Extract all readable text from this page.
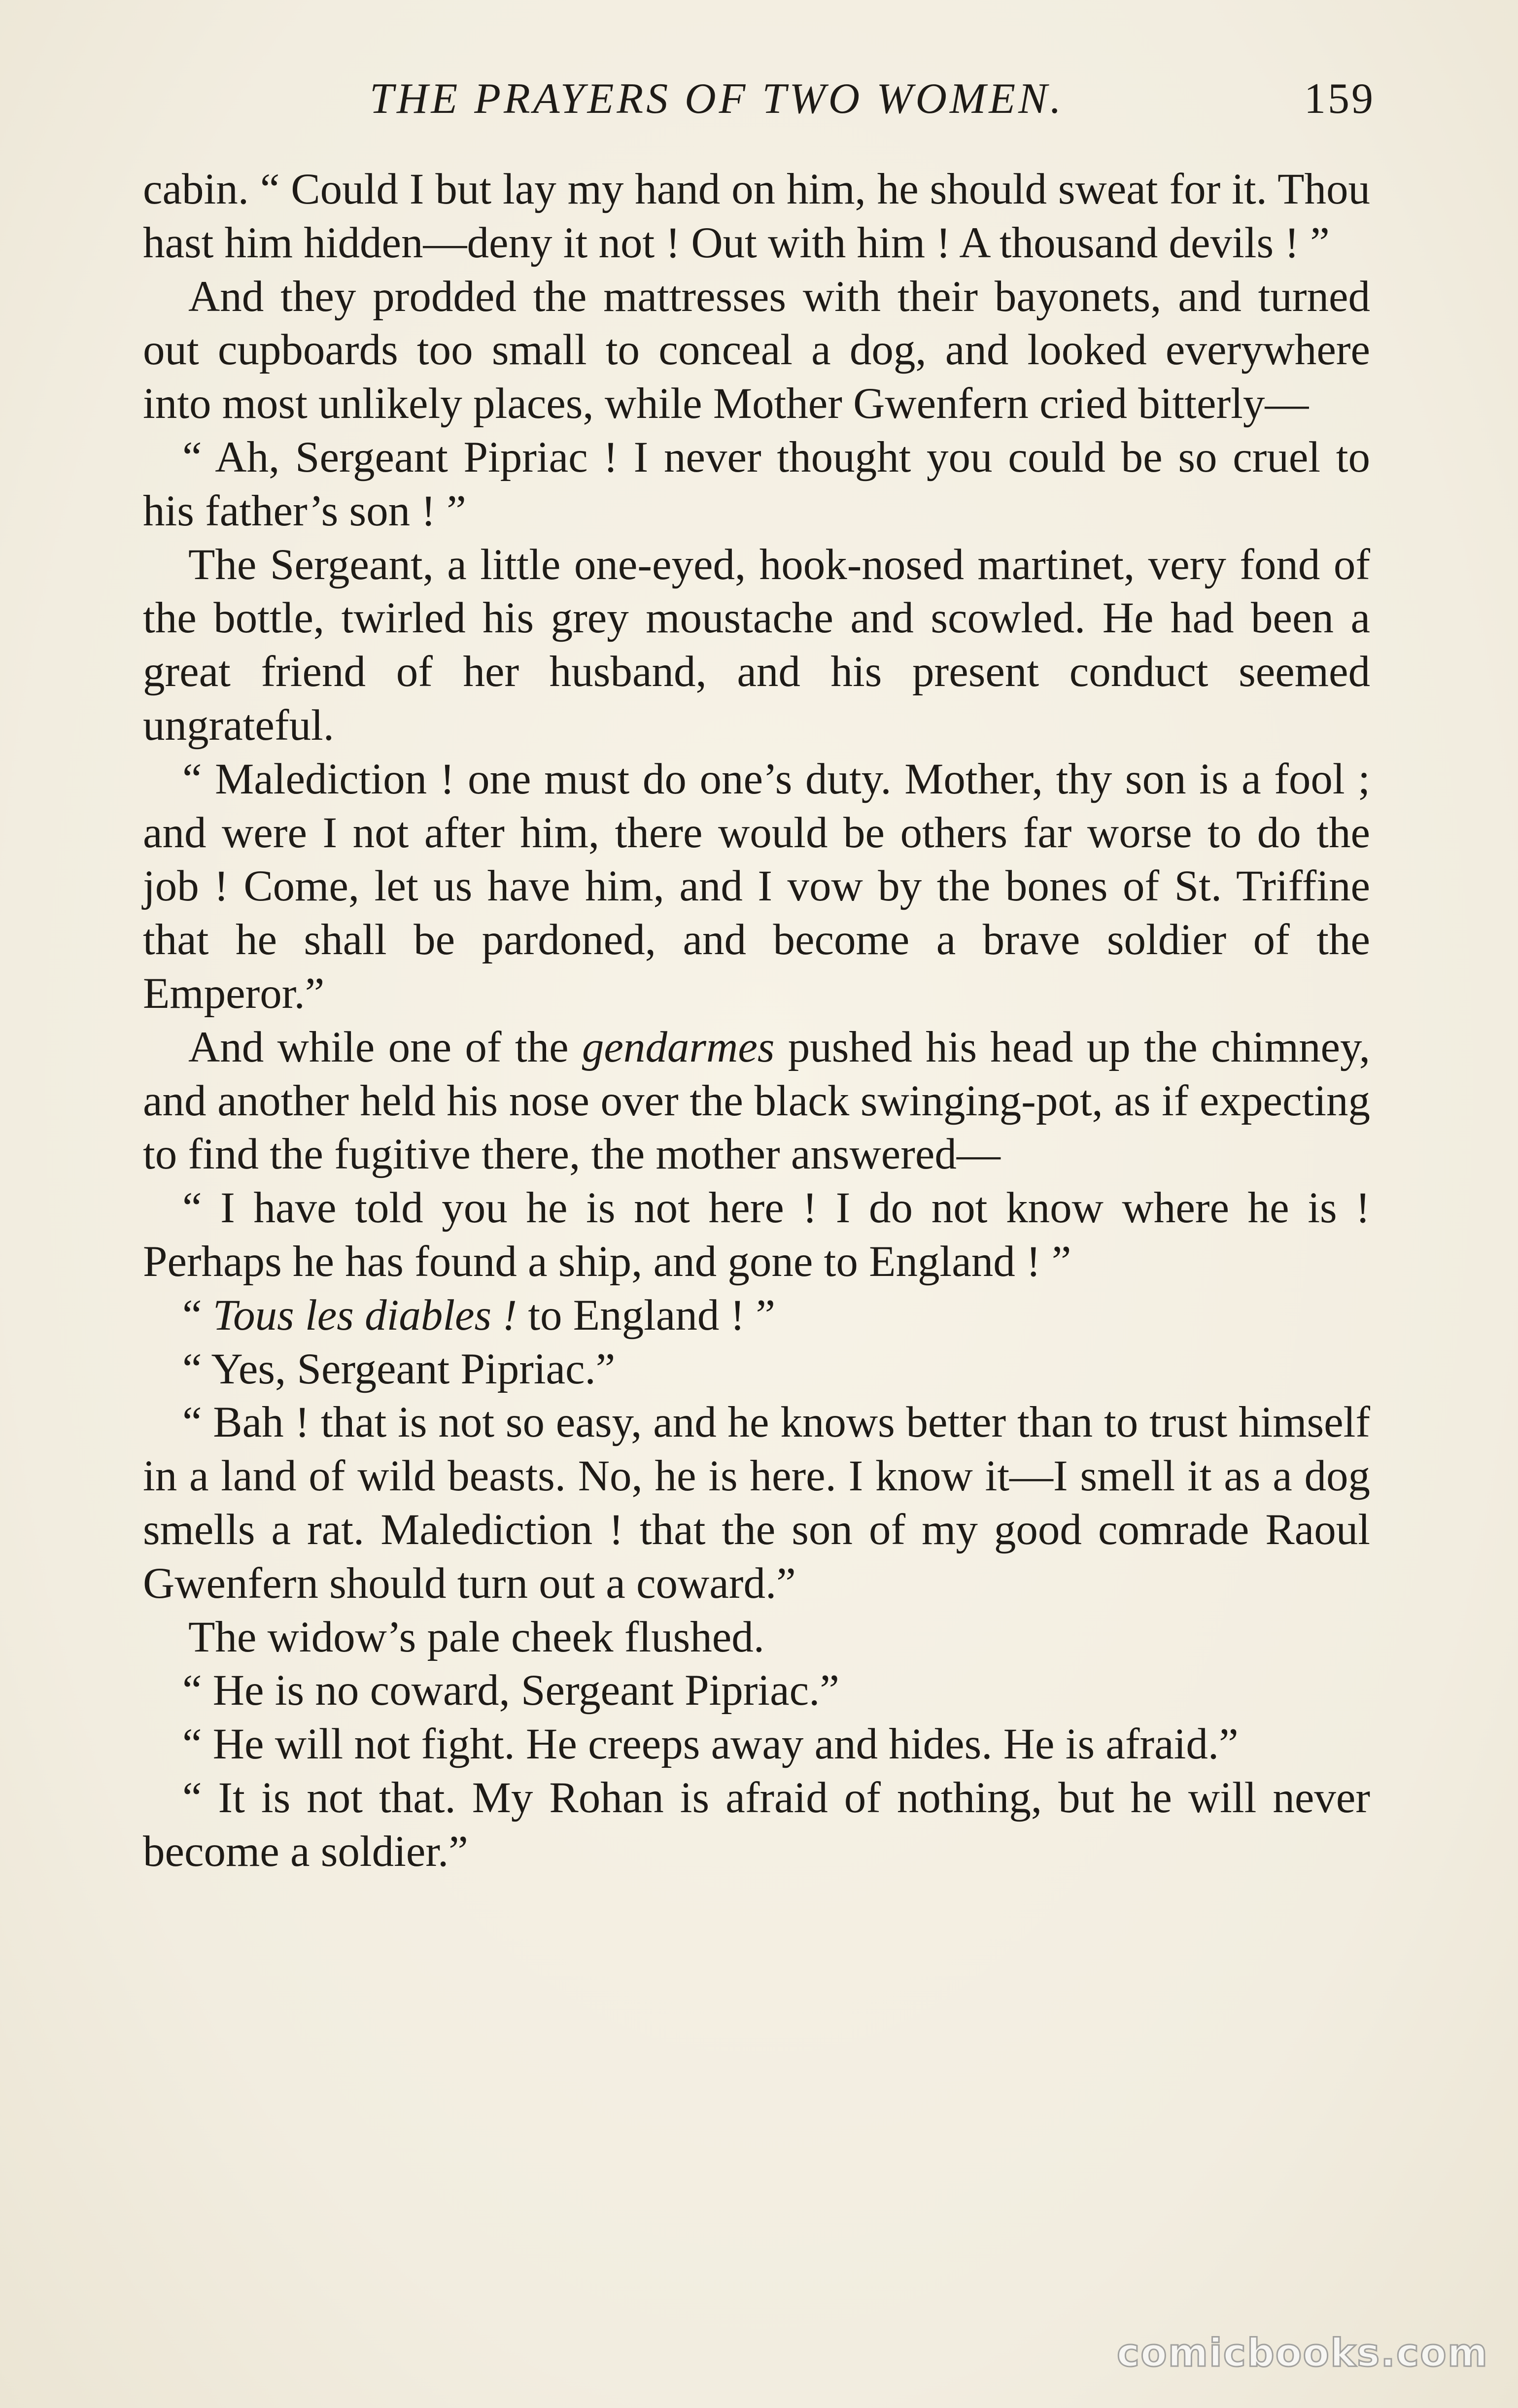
THE PRAYERS OF TWO WOMEN.	159

cabin. “ Could I but lay my hand on him, he should sweat for it. Thou hast him hidden—deny it not ! Out with him ! A thousand devils ! ”

And they prodded the mattresses with their bayonets, and turned out cupboards too small to conceal a dog, and looked everywhere into most unlikely places, while Mother Gwenfern cried bitterly—

“ Ah, Sergeant Pipriac ! I never thought you could be so cruel to his father’s son ! ”

The Sergeant, a little one-eyed, hook-nosed martinet, very fond of the bottle, twirled his grey moustache and scowled. He had been a great friend of her husband, and his present conduct seemed ungrateful.

“ Malediction ! one must do one’s duty. Mother, thy son is a fool ; and were I not after him, there would be others far worse to do the job ! Come, let us have him, and I vow by the bones of St. Triffine that he shall be pardoned, and become a brave soldier of the Emperor.”

And while one of the gendarmes pushed his head up the chimney, and another held his nose over the black swinging-pot, as if expecting to find the fugitive there, the mother answered—

“ I have told you he is not here ! I do not know where he is ! Perhaps he has found a ship, and gone to England ! ”

“ Tous les diables ! to England ! ”

“ Yes, Sergeant Pipriac.”

“ Bah ! that is not so easy, and he knows better than to trust himself in a land of wild beasts. No, he is here. I know it—I smell it as a dog smells a rat. Malediction ! that the son of my good comrade Raoul Gwenfern should turn out a coward.”

The widow’s pale cheek flushed.

“ He is no coward, Sergeant Pipriac.”

“ He will not fight. He creeps away and hides. He is afraid.”

“ It is not that. My Rohan is afraid of nothing, but he will never become a soldier.”

comicbooks.com
